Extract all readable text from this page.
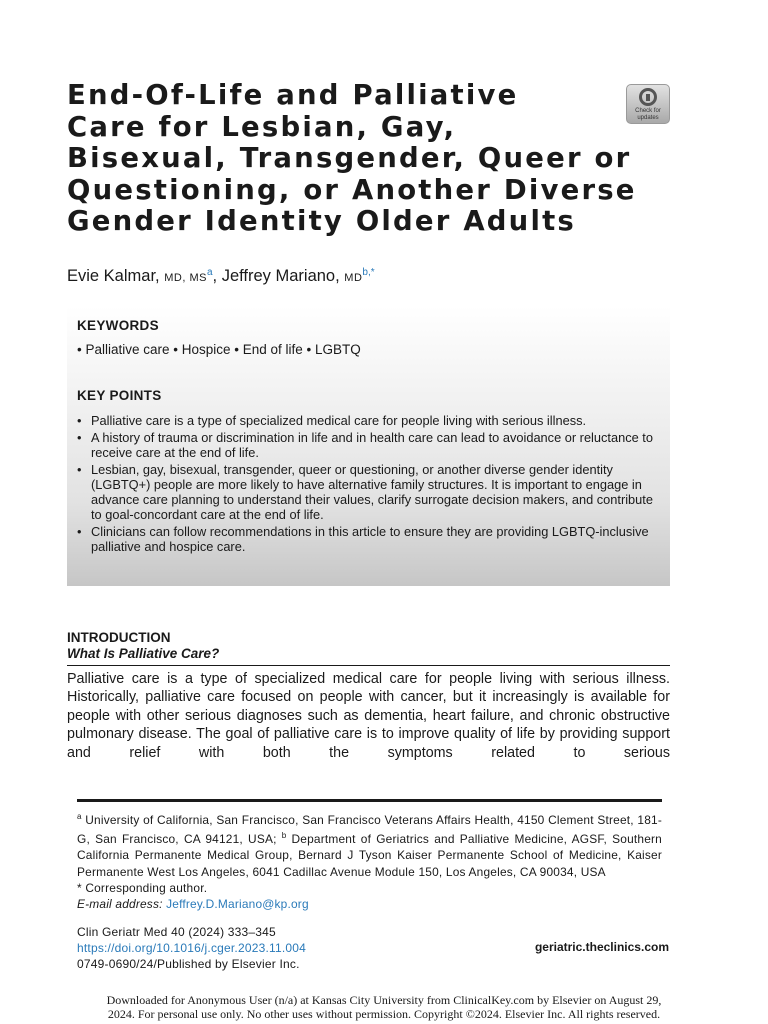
End-Of-Life and Palliative
Care for Lesbian, Gay,
Bisexual, Transgender, Queer or
Questioning, or Another Diverse
Gender Identity Older Adults
Check for
updates
Evie Kalmar, MD, $MS^a$, Jeffrey Mariano, $MD^{b,*}$
KEYWORDS
• Palliative care • Hospice • End of life • LGBTQ
KEY POINTS
• Palliative care is a type of specialized medical care for people living with serious illness.
• A history of trauma or discrimination in life and in health care can lead to avoidance or reluctance to receive care at the end of life.
• Lesbian, gay, bisexual, transgender, queer or questioning, or another diverse gender identity (LGBTQ+) people are more likely to have alternative family structures. It is important to engage in advance care planning to understand their values, clarify surrogate decision makers, and contribute to goal-concordant care at the end of life.
• Clinicians can follow recommendations in this article to ensure they are providing LGBTQ-inclusive palliative and hospice care.
INTRODUCTION
What Is Palliative Care?
Palliative care is a type of specialized medical care for people living with serious illness. Historically, palliative care focused on people with cancer, but it increasingly is available for people with other serious diagnoses such as dementia, heart failure, and chronic obstructive pulmonary disease. The goal of palliative care is to improve quality of life by providing support and relief with both the symptoms related to serious
$^a$ University of California, San Francisco, San Francisco Veterans Affairs Health, 4150 Clement Street, 181-G, San Francisco, CA 94121, USA; $^b$ Department of Geriatrics and Palliative Medicine, AGSF, Southern California Permanente Medical Group, Bernard J Tyson Kaiser Permanente School of Medicine, Kaiser Permanente West Los Angeles, 6041 Cadillac Avenue Module 150, Los Angeles, CA 90034, USA
* Corresponding author.
E-mail address: Jeffrey.D.Mariano@kp.org
Clin Geriatr Med 40 (2024) 333–345
https://doi.org/10.1016/j.cger.2023.11.004
0749-0690/24/Published by Elsevier Inc.
geriatric.theclinics.com
Downloaded for Anonymous User (n/a) at Kansas City University from ClinicalKey.com by Elsevier on August 29,
2024. For personal use only. No other uses without permission. Copyright ©2024. Elsevier Inc. All rights reserved.
